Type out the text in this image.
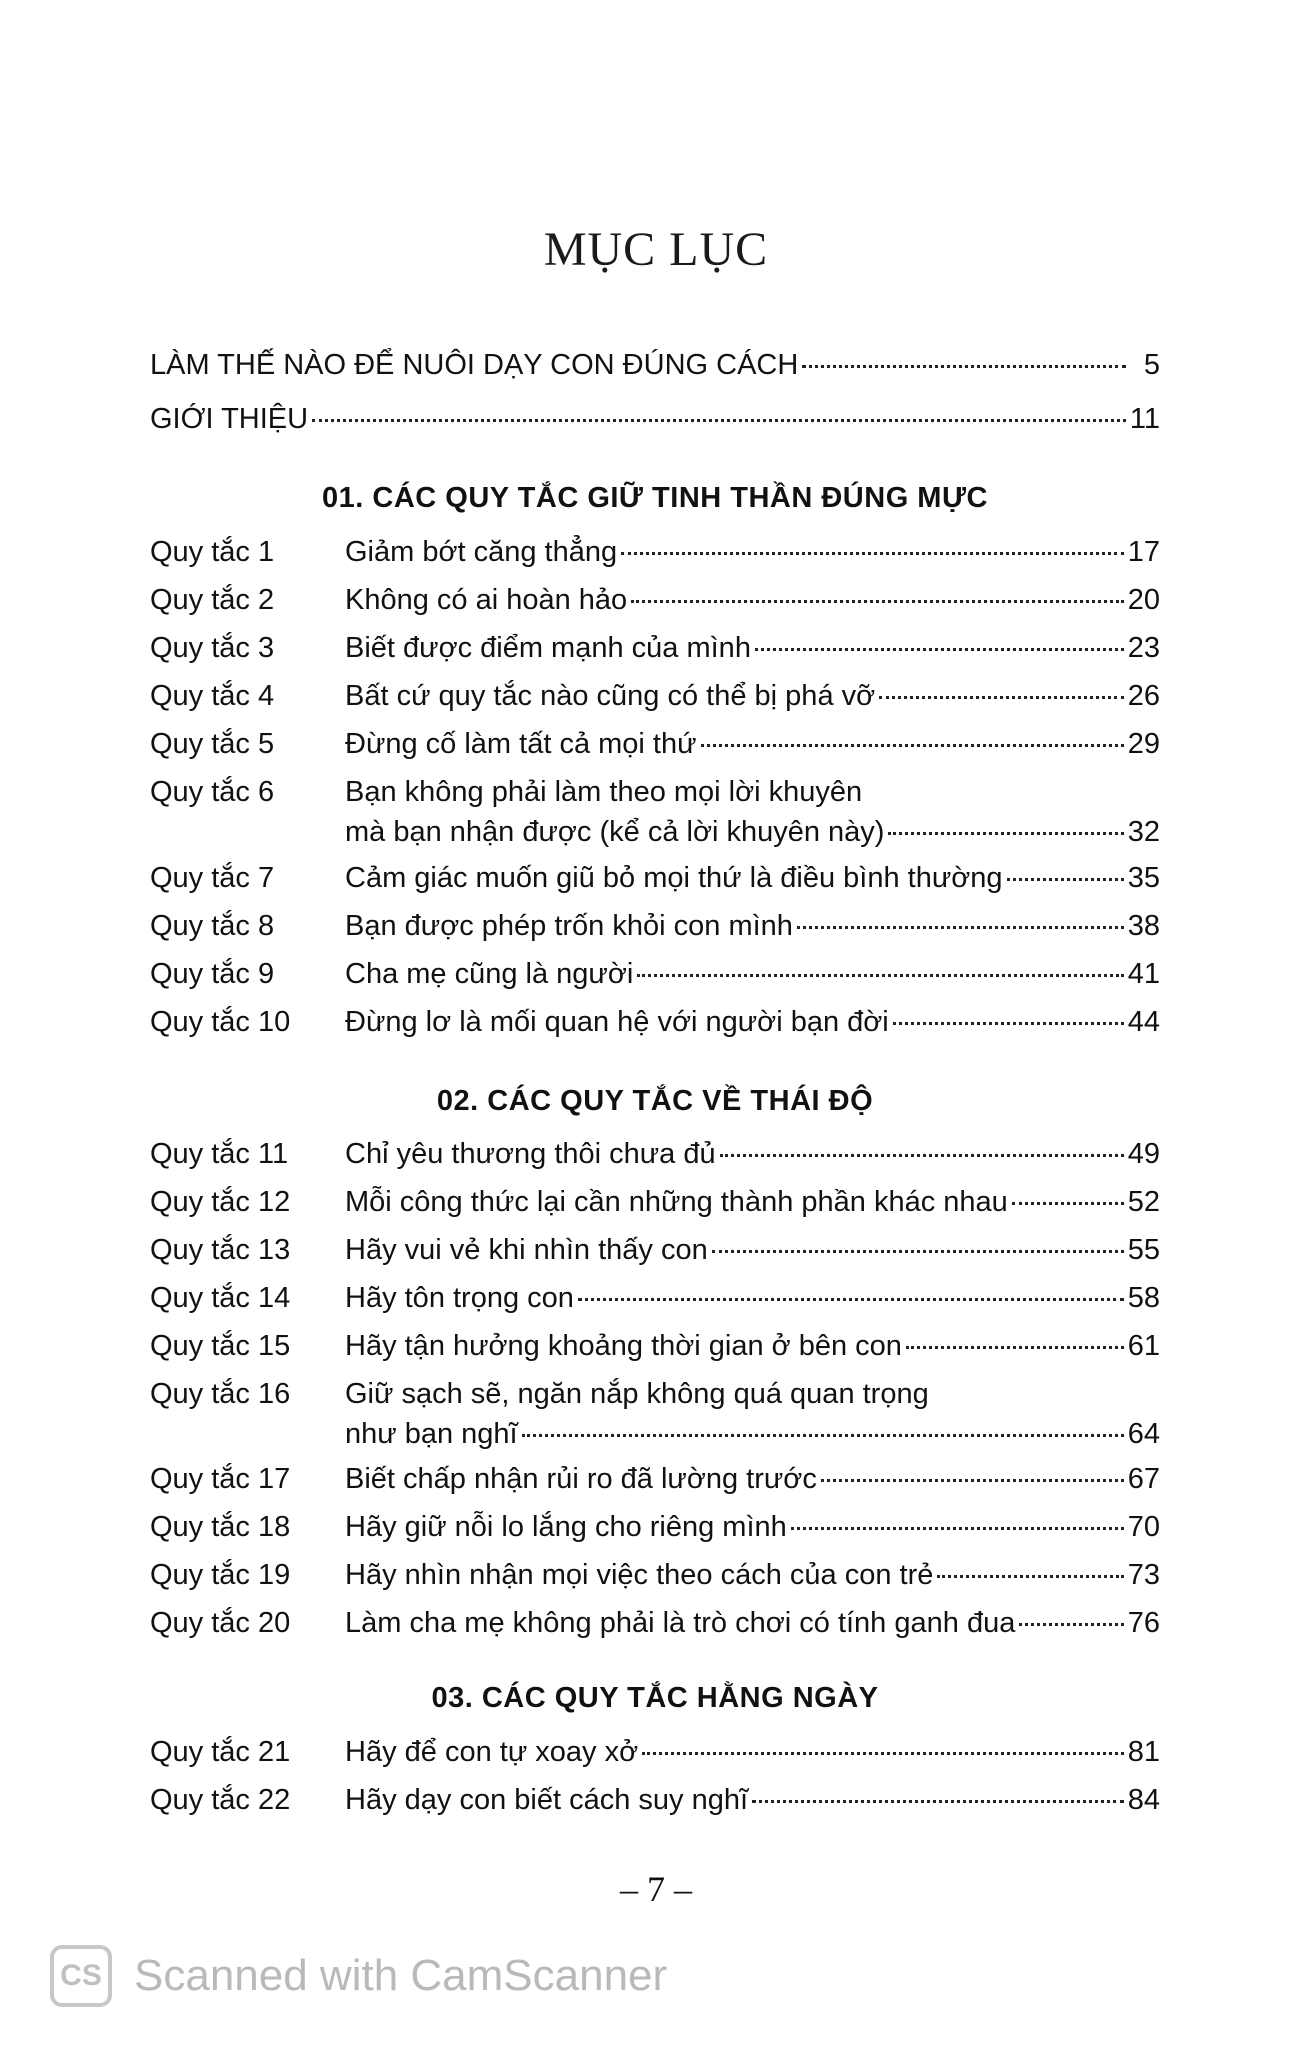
MỤC LỤC
LÀM THẾ NÀO ĐỂ NUÔI DẠY CON ĐÚNG CÁCH	5
GIỚI THIỆU	11
01. CÁC QUY TẮC GIỮ TINH THẦN ĐÚNG MỰC
Quy tắc 1	Giảm bớt căng thẳng	17
Quy tắc 2	Không có ai hoàn hảo	20
Quy tắc 3	Biết được điểm mạnh của mình	23
Quy tắc 4	Bất cứ quy tắc nào cũng có thể bị phá vỡ	26
Quy tắc 5	Đừng cố làm tất cả mọi thứ	29
Quy tắc 6	Bạn không phải làm theo mọi lời khuyên
mà bạn nhận được (kể cả lời khuyên này)	32
Quy tắc 7	Cảm giác muốn giũ bỏ mọi thứ là điều bình thường	35
Quy tắc 8	Bạn được phép trốn khỏi con mình	38
Quy tắc 9	Cha mẹ cũng là người	41
Quy tắc 10	Đừng lơ là mối quan hệ với người bạn đời	44
02. CÁC QUY TẮC VỀ THÁI ĐỘ
Quy tắc 11	Chỉ yêu thương thôi chưa đủ	49
Quy tắc 12	Mỗi công thức lại cần những thành phần khác nhau	52
Quy tắc 13	Hãy vui vẻ khi nhìn thấy con	55
Quy tắc 14	Hãy tôn trọng con	58
Quy tắc 15	Hãy tận hưởng khoảng thời gian ở bên con	61
Quy tắc 16	Giữ sạch sẽ, ngăn nắp không quá quan trọng
như bạn nghĩ	64
Quy tắc 17	Biết chấp nhận rủi ro đã lường trước	67
Quy tắc 18	Hãy giữ nỗi lo lắng cho riêng mình	70
Quy tắc 19	Hãy nhìn nhận mọi việc theo cách của con trẻ	73
Quy tắc 20	Làm cha mẹ không phải là trò chơi có tính ganh đua	76
03. CÁC QUY TẮC HẰNG NGÀY
Quy tắc 21	Hãy để con tự xoay xở	81
Quy tắc 22	Hãy dạy con biết cách suy nghĩ	84
– 7 –
CS Scanned with CamScanner
